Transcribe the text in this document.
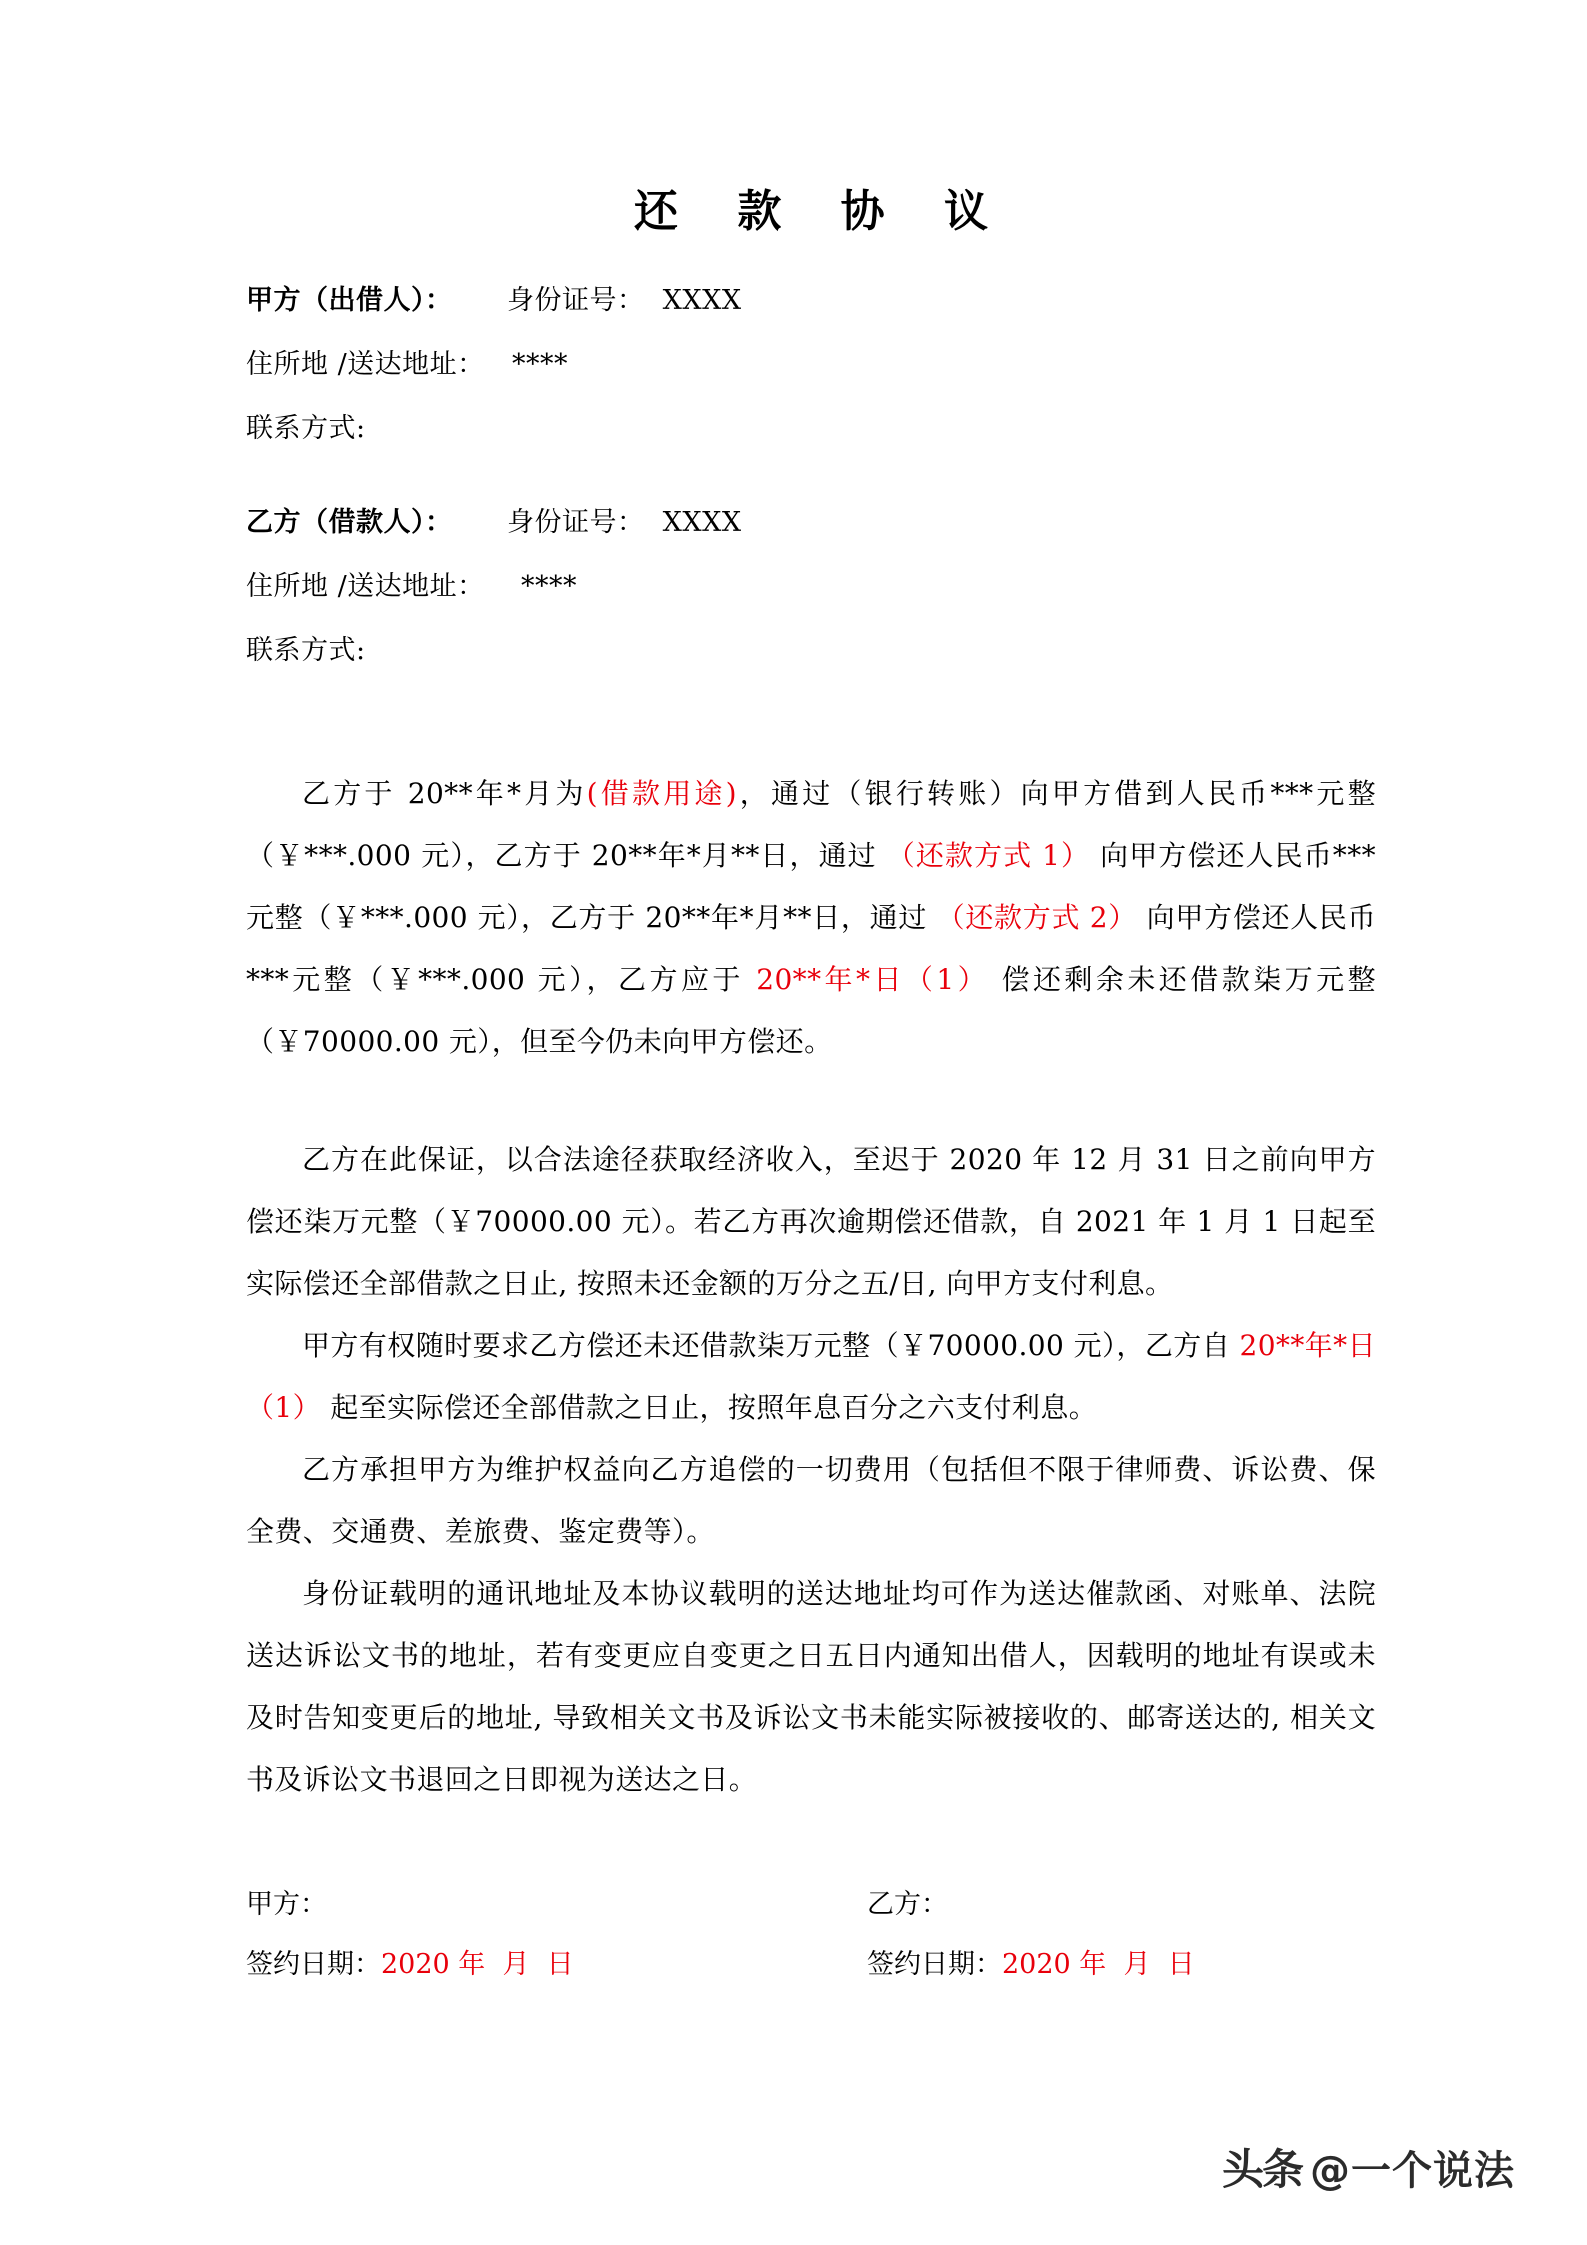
还 款 协 议
甲方（出借人）： 身份证号： XXXX
住所地 /送达地址： ****
联系方式:
乙方（借款人）： 身份证号： XXXX
住所地 /送达地址： ****
联系方式:

乙方于 20**年*月为(借款用途)，通过（银行转账）向甲方借到人民币***元整（￥***.000 元），乙方于 20**年*月**日，通过 （还款方式 1） 向甲方偿还人民币***元整（￥***.000 元），乙方于 20**年*月**日，通过 （还款方式 2） 向甲方偿还人民币***元整（￥***.000 元），乙方应于 20**年*日（1） 偿还剩余未还借款柒万元整（￥70000.00 元），但至今仍未向甲方偿还。

乙方在此保证，以合法途径获取经济收入，至迟于 2020 年 12 月 31 日之前向甲方偿还柒万元整（￥70000.00 元）。若乙方再次逾期偿还借款，自 2021 年 1 月 1 日起至实际偿还全部借款之日止, 按照未还金额的万分之五/日, 向甲方支付利息。

甲方有权随时要求乙方偿还未还借款柒万元整（￥70000.00 元），乙方自 20**年*日（1） 起至实际偿还全部借款之日止，按照年息百分之六支付利息。

乙方承担甲方为维护权益向乙方追偿的一切费用（包括但不限于律师费、诉讼费、保全费、交通费、差旅费、鉴定费等）。

身份证载明的通讯地址及本协议载明的送达地址均可作为送达催款函、对账单、法院送达诉讼文书的地址，若有变更应自变更之日五日内通知出借人，因载明的地址有误或未及时告知变更后的地址, 导致相关文书及诉讼文书未能实际被接收的、邮寄送达的, 相关文书及诉讼文书退回之日即视为送达之日。

甲方：	乙方：
签约日期：2020 年  月  日	签约日期：2020 年  月  日
头条 @一个说法
